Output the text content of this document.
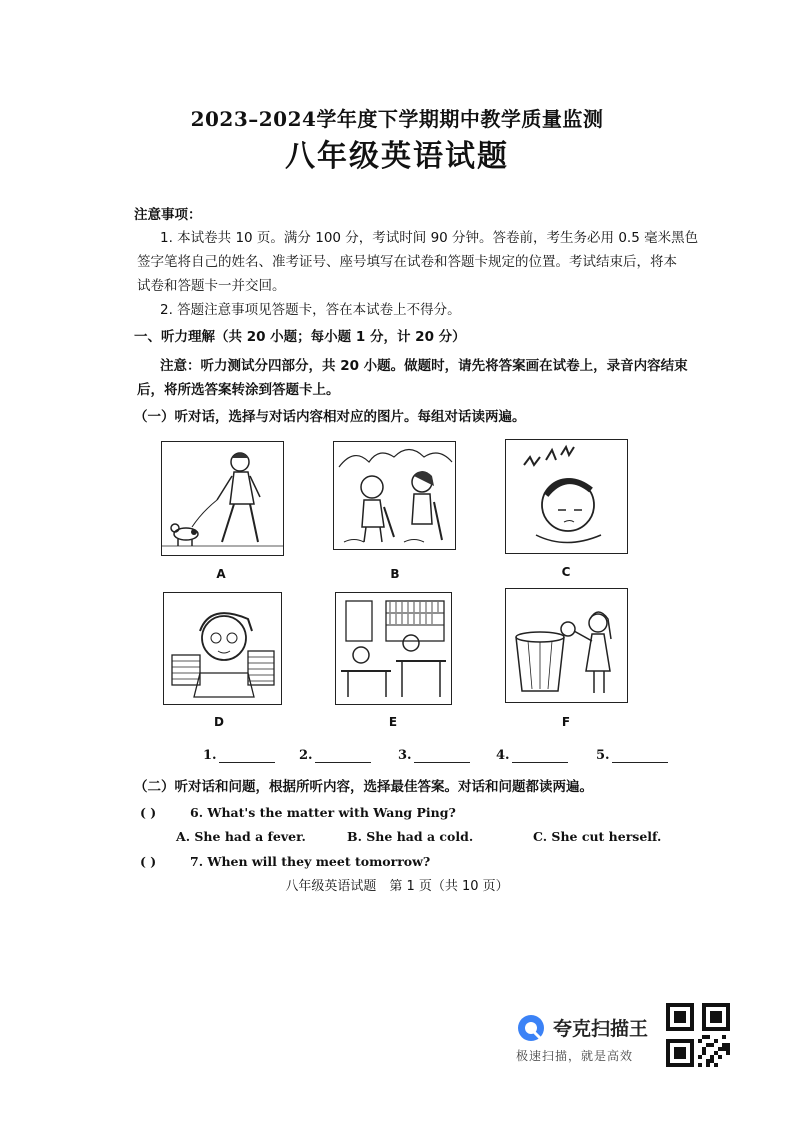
2023–2024学年度下学期期中教学质量监测
八年级英语试题
注意事项：
1. 本试卷共 10 页。满分 100 分，考试时间 90 分钟。答卷前，考生务必用 0.5 毫米黑色
签字笔将自己的姓名、准考证号、座号填写在试卷和答题卡规定的位置。考试结束后，将本
试卷和答题卡一并交回。
2. 答题注意事项见答题卡，答在本试卷上不得分。
一、听力理解（共 20 小题；每小题 1 分，计 20 分）
注意：听力测试分四部分，共 20 小题。做题时，请先将答案画在试卷上，录音内容结束
后，将所选答案转涂到答题卡上。
（一）听对话，选择与对话内容相对应的图片。每组对话读两遍。
A	B	C
D	E	F
1.	2.	3.	4.	5.
（二）听对话和问题，根据所听内容，选择最佳答案。对话和问题都读两遍。
( )	6. What's the matter with Wang Ping?
A. She had a fever.	B. She had a cold.	C. She cut herself.
( )	7. When will they meet tomorrow?
八年级英语试题　第 1 页（共 10 页）
夸克扫描王
极速扫描，就是高效
